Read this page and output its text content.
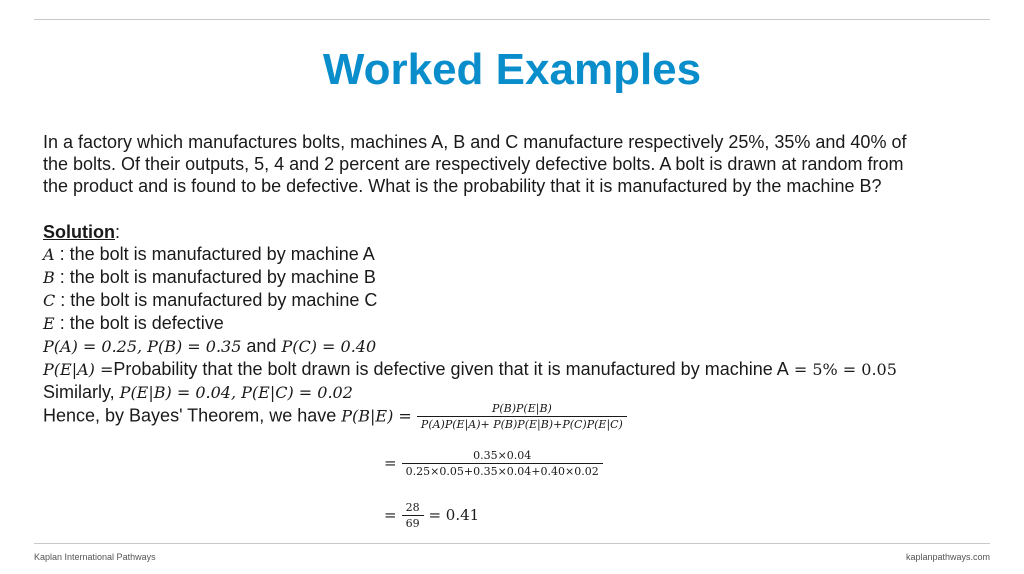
Worked Examples

In a factory which manufactures bolts, machines A, B and C manufacture respectively 25%, 35% and 40% of

the bolts. Of their outputs, 5, 4 and 2 percent are respectively defective bolts. A bolt is drawn at random from

the product and is found to be defective. What is the probability that it is manufactured by the machine B?

Solution:

A : the bolt is manufactured by machine A

B : the bolt is manufactured by machine B

C : the bolt is manufactured by machine C

E : the bolt is defective

P(A) = 0.25, P(B) = 0.35 and P(C) = 0.40

P(E|A) =Probability that the bolt drawn is defective given that it is manufactured by machine A = 5% = 0.05

Similarly, P(E|B) = 0.04, P(E|C) = 0.02

Hence, by Bayes' Theorem, we have $P(B|E) = \frac{P(B)P(E|B)}{P(A)P(E|A)+ P(B)P(E|B)+P(C)P(E|C)}$
= $\frac{0.35\times 0.04}{0.25\times 0.05+0.35\times 0.04+0.40\times 0.02}$
= $\frac{28}{69} = 0.41$
Kaplan International Pathways	kaplanpathways.com
